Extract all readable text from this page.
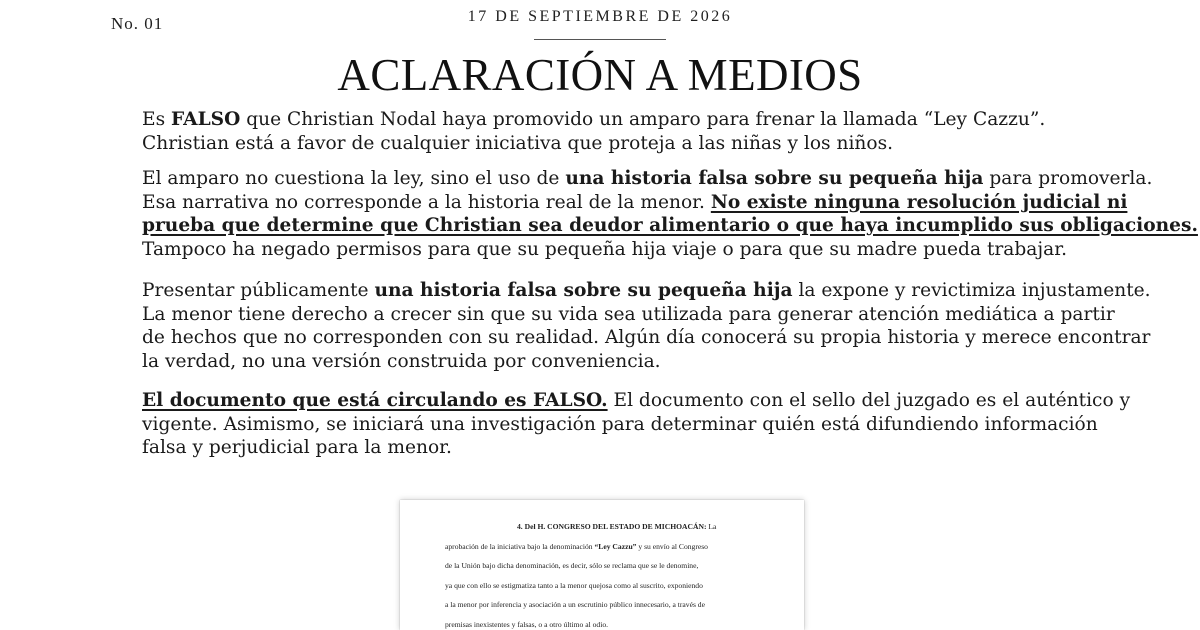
No. 01	17 DE SEPTIEMBRE DE 2026
ACLARACIÓN A MEDIOS

Es FALSO que Christian Nodal haya promovido un amparo para frenar la llamada “Ley Cazzu”.
Christian está a favor de cualquier iniciativa que proteja a las niñas y los niños.

El amparo no cuestiona la ley, sino el uso de una historia falsa sobre su pequeña hija para promoverla.
Esa narrativa no corresponde a la historia real de la menor. No existe ninguna resolución judicial ni
prueba que determine que Christian sea deudor alimentario o que haya incumplido sus obligaciones.
Tampoco ha negado permisos para que su pequeña hija viaje o para que su madre pueda trabajar.

Presentar públicamente una historia falsa sobre su pequeña hija la expone y revictimiza injustamente.
La menor tiene derecho a crecer sin que su vida sea utilizada para generar atención mediática a partir
de hechos que no corresponden con su realidad. Algún día conocerá su propia historia y merece encontrar
la verdad, no una versión construida por conveniencia.

El documento que está circulando es FALSO. El documento con el sello del juzgado es el auténtico y
vigente. Asimismo, se iniciará una investigación para determinar quién está difundiendo información
falsa y perjudicial para la menor.

4. Del H. CONGRESO DEL ESTADO DE MICHOACÁN: La
aprobación de la iniciativa bajo la denominación “Ley Cazzu” y su envío al Congreso
de la Unión bajo dicha denominación, es decir, sólo se reclama que se le denomine,
ya que con ello se estigmatiza tanto a la menor quejosa como al suscrito, exponiendo
a la menor por inferencia y asociación a un escrutinio público innecesario, a través de
premisas inexistentes y falsas, o a otro último al odio.
